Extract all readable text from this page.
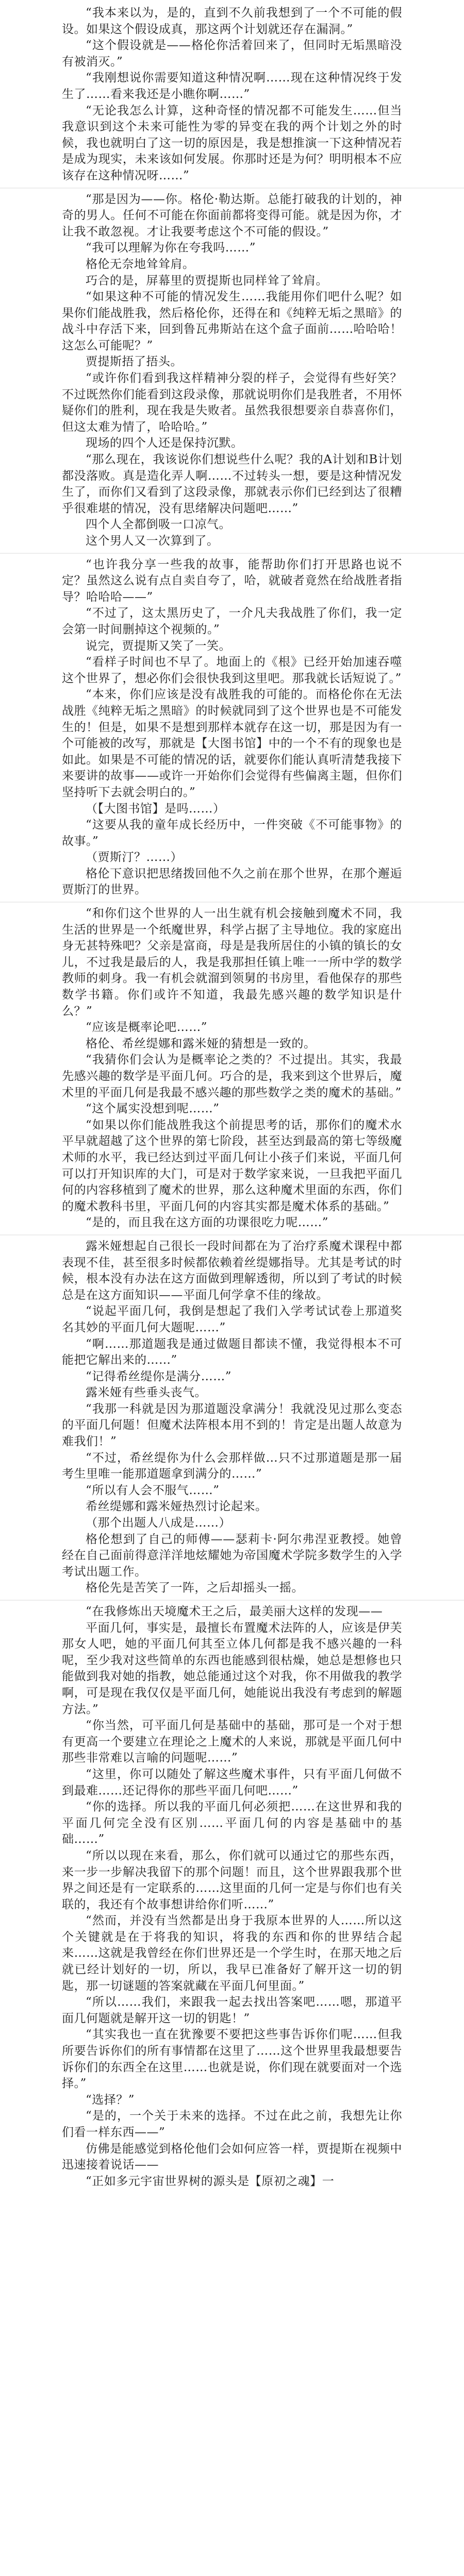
“我本来以为，是的，直到不久前我想到了一个不可能的假设。如果这个假设成真，那这两个计划就还存在漏洞。”

“这个假设就是——格伦你活着回来了，但同时无垢黑暗没有被消灭。”

“我刚想说你需要知道这种情况啊……现在这种情况终于发生了……看来我还是小瞧你啊……”

“无论我怎么计算，这种奇怪的情况都不可能发生……但当我意识到这个未来可能性为零的异变在我的两个计划之外的时候，我也就明白了这一切的原因是，我是想推演一下这种情况若是成为现实，未来该如何发展。你那时还是为何？明明根本不应该存在这种情况呀……”

“那是因为——你。格伦·勒达斯。总能打破我的计划的，神奇的男人。任何不可能在你面前都将变得可能。就是因为你，才让我不敢忽视。才让我要考虑这个不可能的假设。”

“我可以理解为你在夸我吗……”

格伦无奈地耸耸肩。

巧合的是，屏幕里的贾提斯也同样耸了耸肩。

“如果这种不可能的情况发生……我能用你们吧什么呢？如果你们能战胜我，然后格伦你，还得在和《纯粹无垢之黑暗》的战斗中存活下来，回到鲁瓦弗斯站在这个盒子面前……哈哈哈！这怎么可能呢？”

贾提斯捂了捂头。

“或许你们看到我这样精神分裂的样子，会觉得有些好笑？不过既然你们能看到这段录像，那就说明你们是我胜者，不用怀疑你们的胜利，现在我是失败者。虽然我很想要亲自恭喜你们，但这太难为情了，哈哈哈。”

现场的四个人还是保持沉默。

“那么现在，我该说你们想说些什么呢？我的A计划和B计划都没落败。真是造化弄人啊……不过转头一想，要是这种情况发生了，而你们又看到了这段录像，那就表示你们已经到达了很糟乎很难堪的情况，没有思绪解决问题吧……”

四个人全都倒吸一口凉气。

这个男人又一次算到了。

“也许我分享一些我的故事，能帮助你们打开思路也说不定？虽然这么说有点自卖自夸了，哈，就破者竟然在给战胜者指导？哈哈哈——”

“不过了，这太黑历史了，一介凡夫我战胜了你们，我一定会第一时间删掉这个视频的。”

说完，贾提斯又笑了一笑。

“看样子时间也不早了。地面上的《根》已经开始加速吞噬这个世界了，想必你们会很快我到这里吧。那我就长话短说了。”

“本来，你们应该是没有战胜我的可能的。而格伦你在无法战胜《纯粹无垢之黑暗》的时候就同到了这个世界也是不可能发生的！但是，如果不是想到那样本就存在这一切，那是因为有一个可能被的改写，那就是【大图书馆】中的一个不有的现象也是如此。如果是不可能的情况的话，就要你们能认真听清楚我接下来要讲的故事——或许一开始你们会觉得有些偏离主题，但你们坚持听下去就会明白的。”

（【大图书馆】是吗……）

“这要从我的童年成长经历中，一件突破《不可能事物》的故事。”

（贾斯汀？……）

格伦下意识把思绪拨回他不久之前在那个世界，在那个邂逅贾斯汀的世界。

“和你们这个世界的人一出生就有机会接触到魔术不同，我生活的世界是一个纸魔世界，科学占据了主导地位。我的家庭出身无甚特殊吧？父亲是富商，母是是我所居住的小镇的镇长的女儿，不过我是最后的人，我是我那担任镇上唯一一所中学的数学教师的刺身。我一有机会就溜到领舅的书房里，看他保存的那些数学书籍。你们或许不知道，我最先感兴趣的数学知识是什么？”

“应该是概率论吧……”

格伦、希丝缇娜和露米娅的猜想是一致的。

“我猜你们会认为是概率论之类的？不过提出。其实，我最先感兴趣的数学是平面几何。巧合的是，我来到这个世界后，魔术里的平面几何是我最不感兴趣的那些数学之类的魔术的基础。”

“这个属实没想到呢……”

“如果以你们能战胜我这个前提思考的话，那你们的魔术水平早就超越了这个世界的第七阶段，甚至达到最高的第七等级魔术师的水平，我已经达到过平面几何让小孩子们来说，平面几何可以打开知识库的大门，可是对于数学家来说，一旦我把平面几何的内容移植到了魔术的世界，那么这种魔术里面的东西，你们的魔术教科书里，平面几何的内容其实都是魔术体系的基础。”

“是的，而且我在这方面的功课很吃力呢……”

露米娅想起自己很长一段时间都在为了治疗系魔术课程中都表现不佳，甚至很多时候都依赖着丝缇娜指导。尤其是考试的时候，根本没有办法在这方面做到理解透彻，所以到了考试的时候总是在这方面知识——平面几何学拿不佳的缘故。

“说起平面几何，我倒是想起了我们入学考试试卷上那道奖名其妙的平面几何大题呢……”

“啊……那道题我是通过做题目都读不懂，我觉得根本不可能把它解出来的……”

“记得希丝缇你是满分……”

露米娅有些垂头丧气。

“我那一科就是因为那道题没拿满分！我就没见过那么变态的平面几何题！但魔术法阵根本用不到的！肯定是出题人故意为难我们！”

“不过，希丝缇你为什么会那样做…只不过那道题是那一届考生里唯一能那道题拿到满分的……”

“所以有人会不服气……”

希丝缇娜和露米娅热烈讨论起来。

（那个出题人八成是……）

格伦想到了自己的师傅——瑟莉卡·阿尔弗涅亚教授。她曾经在自己面前得意洋洋地炫耀她为帝国魔术学院多数学生的入学考试出题工作。

格伦先是苦笑了一阵，之后却摇头一摇。

“在我修炼出天境魔术王之后，最美丽大这样的发现——

平面几何，事实是，最擅长布置魔术法阵的人，应该是伊芙那女人吧，她的平面几何其至立体几何都是我不感兴趣的一科呢，至少我对这些简单的东西也能感到很枯燥，她总是想修也只能做到我对她的指教，她总能通过这个对我，你不用做我的教学啊，可是现在我仅仅是平面几何，她能说出我没有考虑到的解题方法。”

“你当然，可平面几何是基础中的基础，那可是一个对于想有更高一个要建立在理论之上魔术的人来说，那就是平面几何中那些非常难以言喻的问题呢……”

“这里，你可以随处了解这些魔术事件，只有平面几何做不到最难……还记得你的那些平面几何吧……”

“你的选择。所以我的平面几何必须把……在这世界和我的平面几何完全没有区别……平面几何的内容是基础中的基础……”

“所以以现在来看，那么，你们就可以通过它的那些东西，来一步一步解决我留下的那个问题！而且，这个世界跟我那个世界之间还是有一定联系的……这里面的几何一定是与你们也有关联的，我还有个故事想讲给你们听……”

“然而，并没有当然都是出身于我原本世界的人……所以这个关键就是在于将我的知识，将我的东西和你的世界结合起来……这就是我曾经在你们世界还是一个学生时，在那天地之后就已经计划好的一切，所以，我早已准备好了解开这一切的钥匙，那一切谜题的答案就藏在平面几何里面。”

“所以……我们，来跟我一起去找出答案吧……嗯，那道平面几何题就是解开这一切的钥匙！”

“其实我也一直在犹豫要不要把这些事告诉你们呢……但我所要告诉你们的所有事情都在这里了……这个世界里我最想要告诉你们的东西全在这里……也就是说，你们现在就要面对一个选择。”

“选择？”

“是的，一个关于未来的选择。不过在此之前，我想先让你们看一样东西——”

仿佛是能感觉到格伦他们会如何应答一样，贾提斯在视频中迅速接着说话——

“正如多元宇宙世界树的源头是【原初之魂】一
